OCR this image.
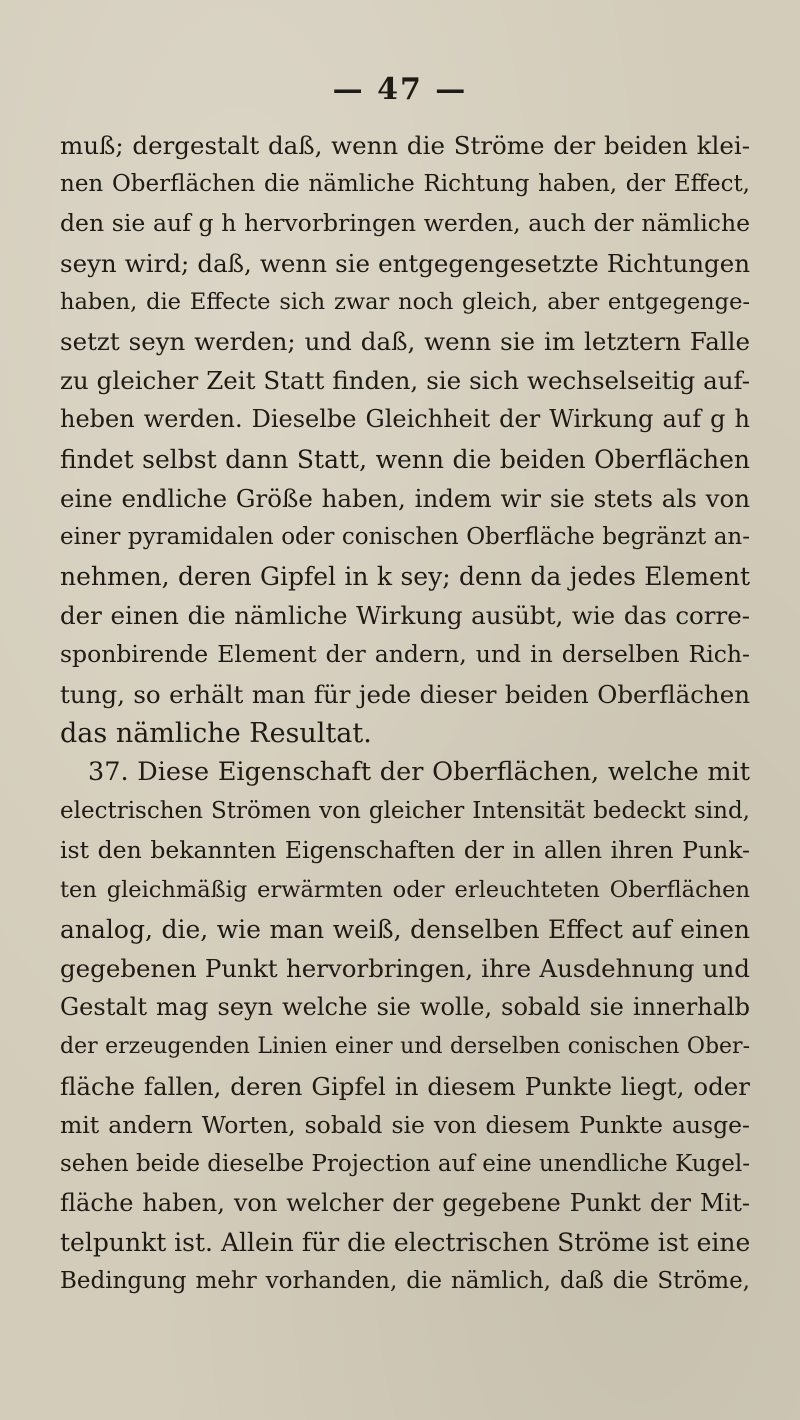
— 47 —
muß; dergestalt daß, wenn die Ströme der beiden klei-
nen Oberflächen die nämliche Richtung haben, der Effect,
den sie auf g h hervorbringen werden, auch der nämliche
seyn wird; daß, wenn sie entgegengesetzte Richtungen
haben, die Effecte sich zwar noch gleich, aber entgegenge-
setzt seyn werden; und daß, wenn sie im letztern Falle
zu gleicher Zeit Statt finden, sie sich wechselseitig auf-
heben werden. Dieselbe Gleichheit der Wirkung auf g h
findet selbst dann Statt, wenn die beiden Oberflächen
eine endliche Größe haben, indem wir sie stets als von
einer pyramidalen oder conischen Oberfläche begränzt an-
nehmen, deren Gipfel in k sey; denn da jedes Element
der einen die nämliche Wirkung ausübt, wie das corre-
sponbirende Element der andern, und in derselben Rich-
tung, so erhält man für jede dieser beiden Oberflächen
das nämliche Resultat.
37. Diese Eigenschaft der Oberflächen, welche mit
electrischen Strömen von gleicher Intensität bedeckt sind,
ist den bekannten Eigenschaften der in allen ihren Punk-
ten gleichmäßig erwärmten oder erleuchteten Oberflächen
analog, die, wie man weiß, denselben Effect auf einen
gegebenen Punkt hervorbringen, ihre Ausdehnung und
Gestalt mag seyn welche sie wolle, sobald sie innerhalb
der erzeugenden Linien einer und derselben conischen Ober-
fläche fallen, deren Gipfel in diesem Punkte liegt, oder
mit andern Worten, sobald sie von diesem Punkte ausge-
sehen beide dieselbe Projection auf eine unendliche Kugel-
fläche haben, von welcher der gegebene Punkt der Mit-
telpunkt ist. Allein für die electrischen Ströme ist eine
Bedingung mehr vorhanden, die nämlich, daß die Ströme,
